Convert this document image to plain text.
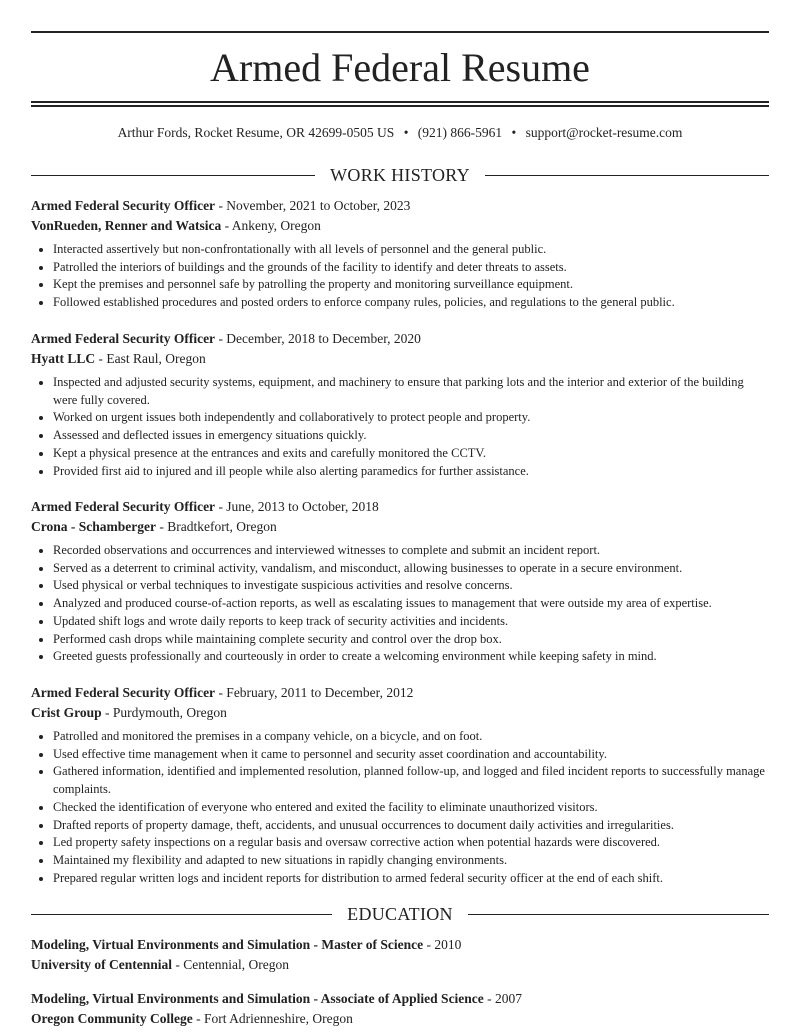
Armed Federal Resume
Arthur Fords, Rocket Resume, OR 42699-0505 US • (921) 866-5961 • support@rocket-resume.com
WORK HISTORY
Armed Federal Security Officer - November, 2021 to October, 2023
VonRueden, Renner and Watsica - Ankeny, Oregon
• Interacted assertively but non-confrontationally with all levels of personnel and the general public.
• Patrolled the interiors of buildings and the grounds of the facility to identify and deter threats to assets.
• Kept the premises and personnel safe by patrolling the property and monitoring surveillance equipment.
• Followed established procedures and posted orders to enforce company rules, policies, and regulations to the general public.
Armed Federal Security Officer - December, 2018 to December, 2020
Hyatt LLC - East Raul, Oregon
• Inspected and adjusted security systems, equipment, and machinery to ensure that parking lots and the interior and exterior of the building were fully covered.
• Worked on urgent issues both independently and collaboratively to protect people and property.
• Assessed and deflected issues in emergency situations quickly.
• Kept a physical presence at the entrances and exits and carefully monitored the CCTV.
• Provided first aid to injured and ill people while also alerting paramedics for further assistance.
Armed Federal Security Officer - June, 2013 to October, 2018
Crona - Schamberger - Bradtkefort, Oregon
• Recorded observations and occurrences and interviewed witnesses to complete and submit an incident report.
• Served as a deterrent to criminal activity, vandalism, and misconduct, allowing businesses to operate in a secure environment.
• Used physical or verbal techniques to investigate suspicious activities and resolve concerns.
• Analyzed and produced course-of-action reports, as well as escalating issues to management that were outside my area of expertise.
• Updated shift logs and wrote daily reports to keep track of security activities and incidents.
• Performed cash drops while maintaining complete security and control over the drop box.
• Greeted guests professionally and courteously in order to create a welcoming environment while keeping safety in mind.
Armed Federal Security Officer - February, 2011 to December, 2012
Crist Group - Purdymouth, Oregon
• Patrolled and monitored the premises in a company vehicle, on a bicycle, and on foot.
• Used effective time management when it came to personnel and security asset coordination and accountability.
• Gathered information, identified and implemented resolution, planned follow-up, and logged and filed incident reports to successfully manage complaints.
• Checked the identification of everyone who entered and exited the facility to eliminate unauthorized visitors.
• Drafted reports of property damage, theft, accidents, and unusual occurrences to document daily activities and irregularities.
• Led property safety inspections on a regular basis and oversaw corrective action when potential hazards were discovered.
• Maintained my flexibility and adapted to new situations in rapidly changing environments.
• Prepared regular written logs and incident reports for distribution to armed federal security officer at the end of each shift.
EDUCATION
Modeling, Virtual Environments and Simulation - Master of Science - 2010
University of Centennial - Centennial, Oregon
Modeling, Virtual Environments and Simulation - Associate of Applied Science - 2007
Oregon Community College - Fort Adrienneshire, Oregon
